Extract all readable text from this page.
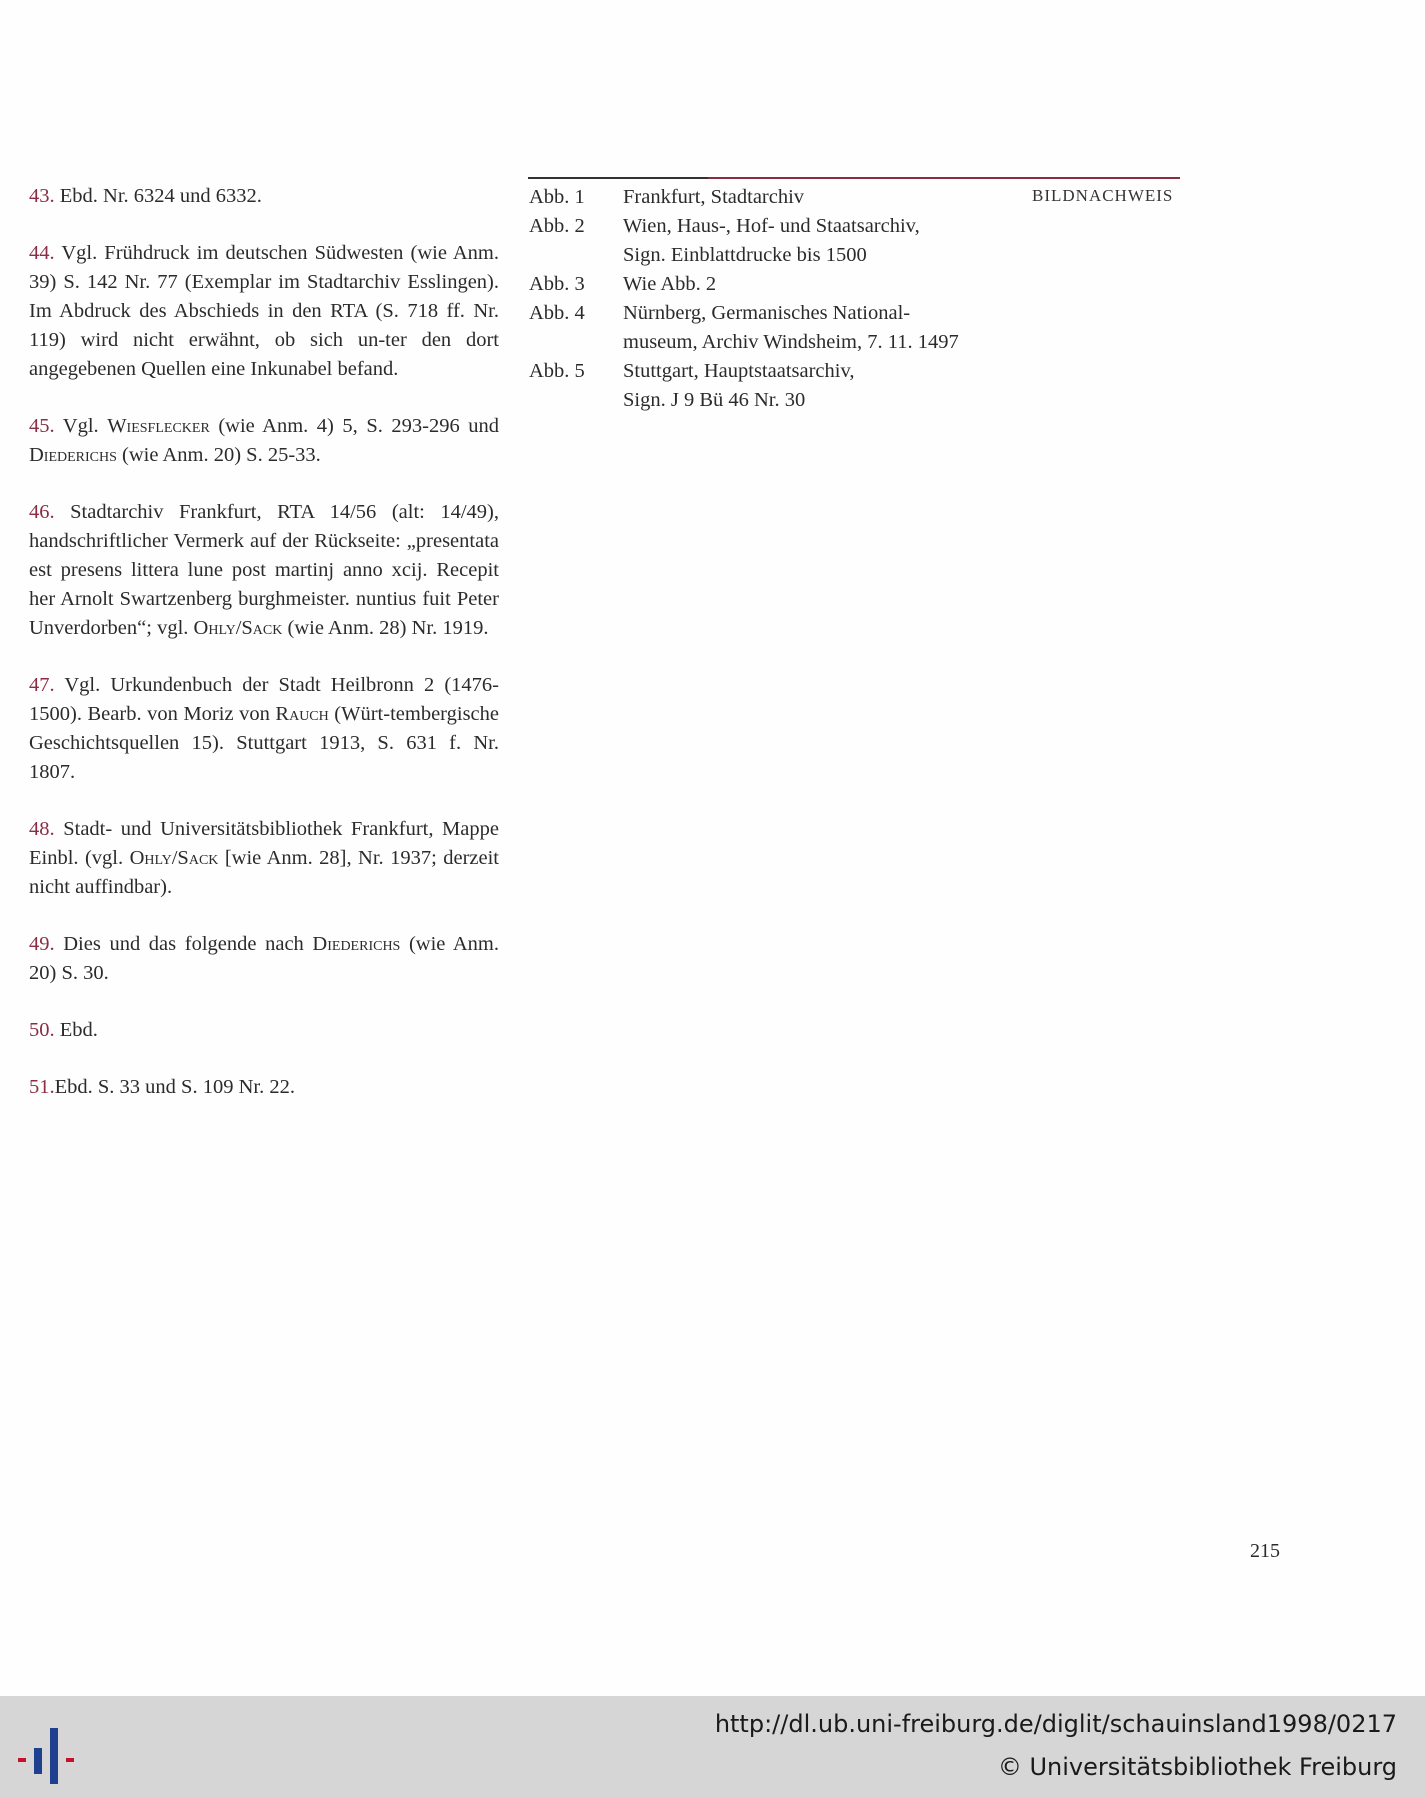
43. Ebd. Nr. 6324 und 6332.

44. Vgl. Frühdruck im deutschen Südwesten (wie Anm. 39) S. 142 Nr. 77 (Exemplar im Stadtarchiv Esslingen). Im Abdruck des Abschieds in den RTA (S. 718 ff. Nr. 119) wird nicht erwähnt, ob sich un-ter den dort angegebenen Quellen eine Inkunabel befand.

45. Vgl. Wiesflecker (wie Anm. 4) 5, S. 293-296 und Diederichs (wie Anm. 20) S. 25-33.

46. Stadtarchiv Frankfurt, RTA 14/56 (alt: 14/49), handschriftlicher Vermerk auf der Rückseite: „presentata est presens littera lune post martinj anno xcij. Recepit her Arnolt Swartzenberg burghmeister. nuntius fuit Peter Unverdorben“; vgl. Ohly/Sack (wie Anm. 28) Nr. 1919.

47. Vgl. Urkundenbuch der Stadt Heilbronn 2 (1476-1500). Bearb. von Moriz von Rauch (Würt-tembergische Geschichtsquellen 15). Stuttgart 1913, S. 631 f. Nr. 1807.

48. Stadt- und Universitätsbibliothek Frankfurt, Mappe Einbl. (vgl. Ohly/Sack [wie Anm. 28], Nr. 1937; derzeit nicht auffindbar).

49. Dies und das folgende nach Diederichs (wie Anm. 20) S. 30.

50. Ebd.

51.Ebd. S. 33 und S. 109 Nr. 22.

Abb. 1	Frankfurt, Stadtarchiv
Abb. 2	Wien, Haus-, Hof- und Staatsarchiv,
Sign. Einblattdrucke bis 1500
Abb. 3	Wie Abb. 2
Abb. 4	Nürnberg, Germanisches National-
museum, Archiv Windsheim, 7. 11. 1497
Abb. 5	Stuttgart, Hauptstaatsarchiv,
Sign. J 9 Bü 46 Nr. 30
BILDNACHWEIS
215
http://dl.ub.uni-freiburg.de/diglit/schauinsland1998/0217
© Universitätsbibliothek Freiburg
